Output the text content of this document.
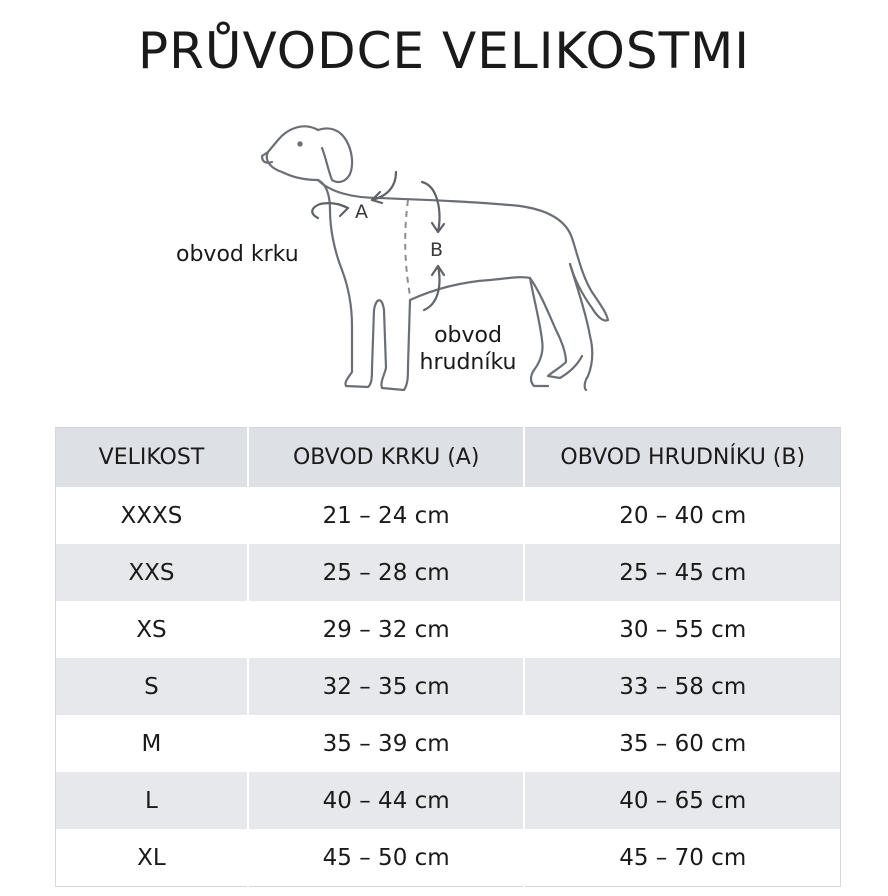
PRŮVODCE VELIKOSTMI
A
B
obvod krku
obvod
hrudníku
VELIKOST	OBVOD KRKU (A)	OBVOD HRUDNÍKU (B)
XXXS	21 – 24 cm	20 – 40 cm
XXS	25 – 28 cm	25 – 45 cm
XS	29 – 32 cm	30 – 55 cm
S	32 – 35 cm	33 – 58 cm
M	35 – 39 cm	35 – 60 cm
L	40 – 44 cm	40 – 65 cm
XL	45 – 50 cm	45 – 70 cm
